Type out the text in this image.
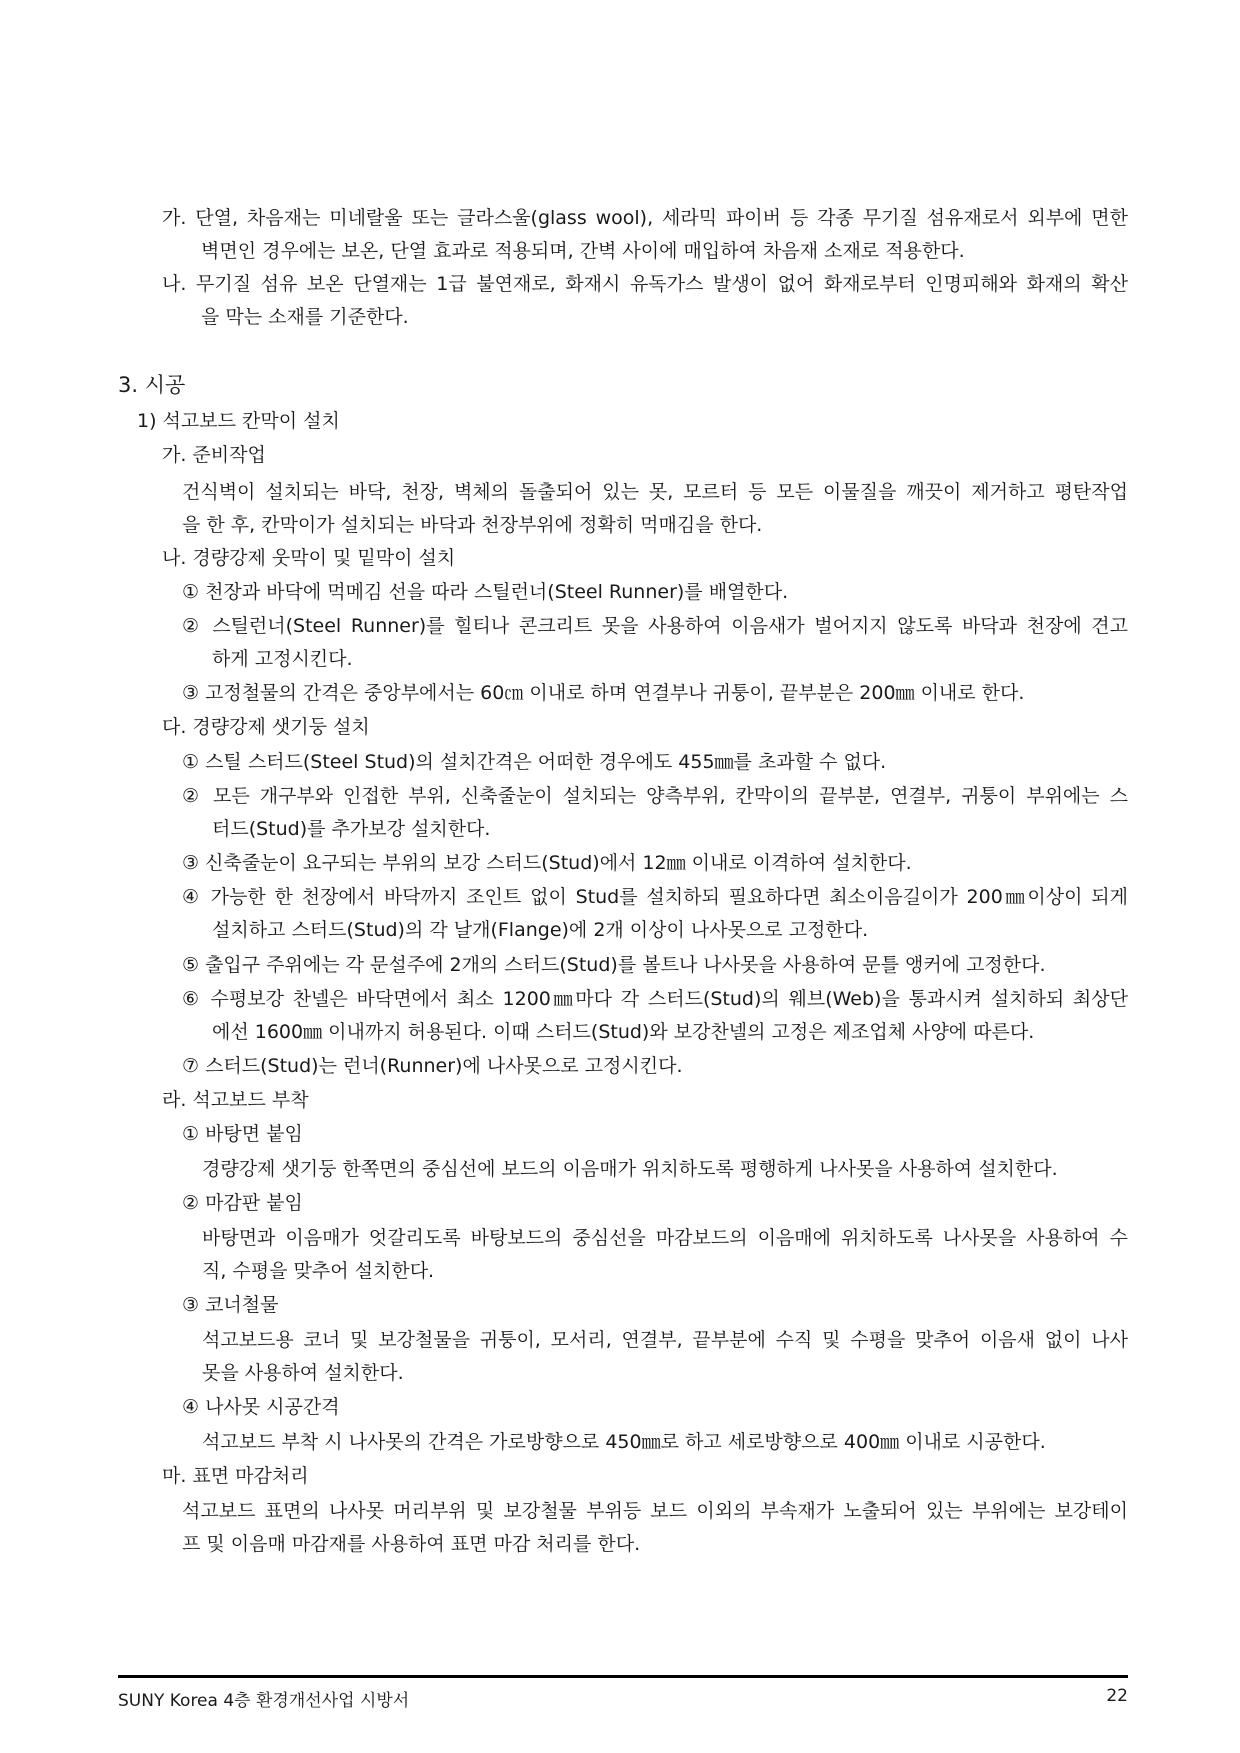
가. 단열, 차음재는 미네랄울 또는 글라스울(glass wool), 세라믹 파이버 등 각종 무기질 섬유재로서 외부에 면한
벽면인 경우에는 보온, 단열 효과로 적용되며, 간벽 사이에 매입하여 차음재 소재로 적용한다.
나. 무기질 섬유 보온 단열재는 1급 불연재로, 화재시 유독가스 발생이 없어 화재로부터 인명피해와 화재의 확산
을 막는 소재를 기준한다.
3. 시공
1) 석고보드 칸막이 설치
가. 준비작업
건식벽이 설치되는 바닥, 천장, 벽체의 돌출되어 있는 못, 모르터 등 모든 이물질을 깨끗이 제거하고 평탄작업
을 한 후, 칸막이가 설치되는 바닥과 천장부위에 정확히 먹매김을 한다.
나. 경량강제 웃막이 및 밑막이 설치
① 천장과 바닥에 먹메김 선을 따라 스틸런너(Steel Runner)를 배열한다.
② 스틸런너(Steel Runner)를 힐티나 콘크리트 못을 사용하여 이음새가 벌어지지 않도록 바닥과 천장에 견고
하게 고정시킨다.
③ 고정철물의 간격은 중앙부에서는 60㎝ 이내로 하며 연결부나 귀퉁이, 끝부분은 200㎜ 이내로 한다.
다. 경량강제 샛기둥 설치
① 스틸 스터드(Steel Stud)의 설치간격은 어떠한 경우에도 455㎜를 초과할 수 없다.
② 모든 개구부와 인접한 부위, 신축줄눈이 설치되는 양측부위, 칸막이의 끝부분, 연결부, 귀퉁이 부위에는 스
터드(Stud)를 추가보강 설치한다.
③ 신축줄눈이 요구되는 부위의 보강 스터드(Stud)에서 12㎜ 이내로 이격하여 설치한다.
④ 가능한 한 천장에서 바닥까지 조인트 없이 Stud를 설치하되 필요하다면 최소이음길이가 200㎜이상이 되게
설치하고 스터드(Stud)의 각 날개(Flange)에 2개 이상이 나사못으로 고정한다.
⑤ 출입구 주위에는 각 문설주에 2개의 스터드(Stud)를 볼트나 나사못을 사용하여 문틀 앵커에 고정한다.
⑥ 수평보강 찬넬은 바닥면에서 최소 1200㎜마다 각 스터드(Stud)의 웨브(Web)을 통과시켜 설치하되 최상단
에선 1600㎜ 이내까지 허용된다. 이때 스터드(Stud)와 보강찬넬의 고정은 제조업체 사양에 따른다.
⑦ 스터드(Stud)는 런너(Runner)에 나사못으로 고정시킨다.
라. 석고보드 부착
① 바탕면 붙임
경량강제 샛기둥 한쪽면의 중심선에 보드의 이음매가 위치하도록 평행하게 나사못을 사용하여 설치한다.
② 마감판 붙임
바탕면과 이음매가 엇갈리도록 바탕보드의 중심선을 마감보드의 이음매에 위치하도록 나사못을 사용하여 수
직, 수평을 맞추어 설치한다.
③ 코너철물
석고보드용 코너 및 보강철물을 귀퉁이, 모서리, 연결부, 끝부분에 수직 및 수평을 맞추어 이음새 없이 나사
못을 사용하여 설치한다.
④ 나사못 시공간격
석고보드 부착 시 나사못의 간격은 가로방향으로 450㎜로 하고 세로방향으로 400㎜ 이내로 시공한다.
마. 표면 마감처리
석고보드 표면의 나사못 머리부위 및 보강철물 부위등 보드 이외의 부속재가 노출되어 있는 부위에는 보강테이
프 및 이음매 마감재를 사용하여 표면 마감 처리를 한다.
SUNY Korea 4층 환경개선사업 시방서	22
